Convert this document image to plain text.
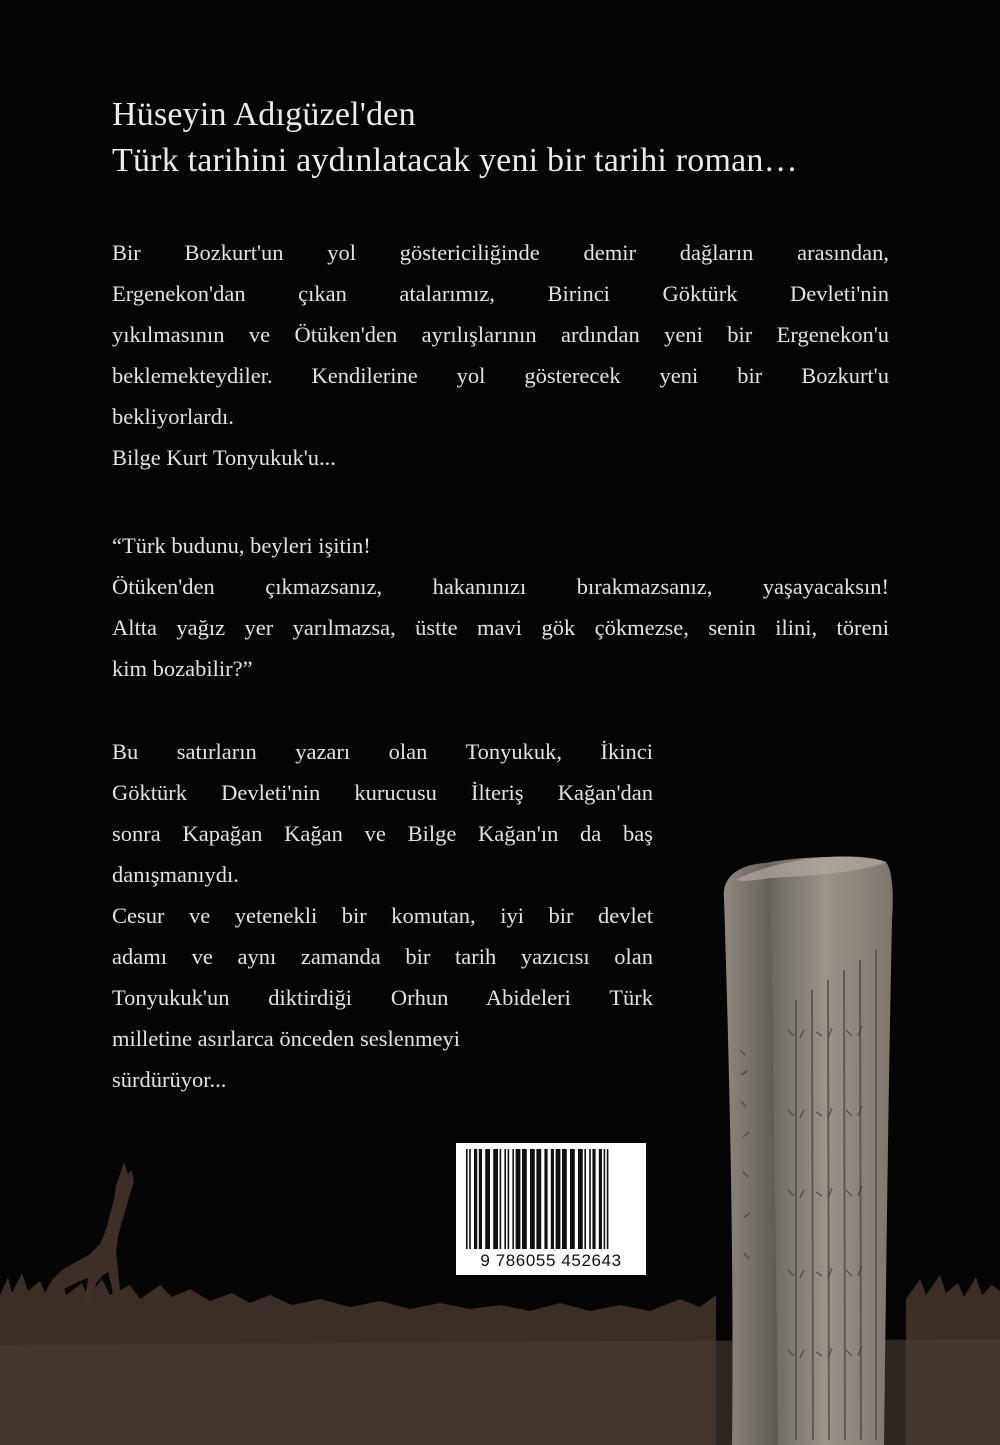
Hüseyin Adıgüzel'den
Türk tarihini aydınlatacak yeni bir tarihi roman…
Bir Bozkurt'un yol göstericiliğinde demir dağların arasından,
Ergenekon'dan çıkan atalarımız, Birinci Göktürk Devleti'nin
yıkılmasının ve Ötüken'den ayrılışlarının ardından yeni bir Ergenekon'u
beklemekteydiler. Kendilerine yol gösterecek yeni bir Bozkurt'u
bekliyorlardı.
Bilge Kurt Tonyukuk'u...
“Türk budunu, beyleri işitin!
Ötüken'den çıkmazsanız, hakanınızı bırakmazsanız, yaşayacaksın!
Altta yağız yer yarılmazsa, üstte mavi gök çökmezse, senin ilini, töreni
kim bozabilir?”
Bu satırların yazarı olan Tonyukuk, İkinci
Göktürk Devleti'nin kurucusu İlteriş Kağan'dan
sonra Kapağan Kağan ve Bilge Kağan'ın da baş
danışmanıydı.
Cesur ve yetenekli bir komutan, iyi bir devlet
adamı ve aynı zamanda bir tarih yazıcısı olan
Tonyukuk'un diktirdiği Orhun Abideleri Türk
milletine asırlarca önceden seslenmeyi
sürdürüyor...
9 786055 452643
